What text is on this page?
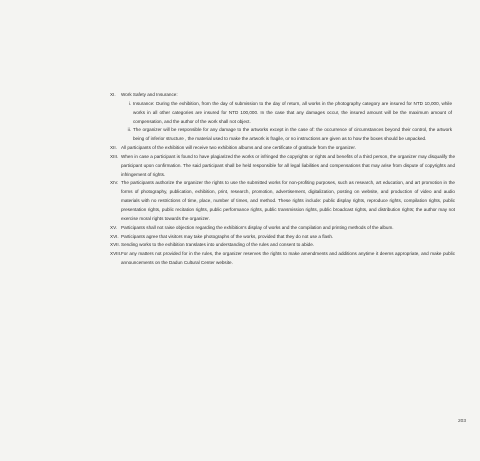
XI.	Work Safety and Insurance:
i. Insurance: During the exhibition, from the day of submission to the day of return, all works in the photography category are insured for NTD 10,000, while works in all other categories are insured for NTD 100,000. In the case that any damages occur, the insured amount will be the maximum amount of compensation, and the author of the work shall not object.
ii. The organizer will be responsible for any damage to the artworks except in the case of: the occurrence of circumstances beyond their control, the artwork being of inferior structure , the material used to make the artwork is fragile, or no instructions are given as to how the boxes should be unpacked.
XII. All participants of the exhibition will receive two exhibition albums and one certificate of gratitude from the organizer.
XIII. When in case a participant is found to have plagiarized the works or infringed the copyrights or rights and benefits of a third person, the organizer may disqualify the participant upon confirmation. The said participant shall be held responsible for all legal liabilities and compensations that may arise from dispute of copyrights and infringement of rights.
XIV. The participants authorize the organizer the rights to use the submitted works for non-profiting purposes, such as research, art education, and art promotion in the forms of photography, publication, exhibition, print, research, promotion, advertisement, digitalization, posting on website, and production of video and audio materials with no restrictions of time, place, number of times, and method. These rights include: public display rights, reproduce rights, compilation rights, public presentation rights, public recitation rights, public performance rights, public transmission rights, public broadcast rights, and distribution rights; the author may not exercise moral rights towards the organizer.
XV. Participants shall not raise objection regarding the exhibition's display of works and the compilation and printing methods of the album.
XVI. Participants agree that visitors may take photographs of the works, provided that they do not use a flash.
XVII. Sending works to the exhibition translates into understanding of the rules and consent to abide.
XVIII. For any matters not provided for in the rules, the organizer reserves the rights to make amendments and additions anytime it deems appropriate, and make public announcements on the Dadun Cultural Center website.
203
